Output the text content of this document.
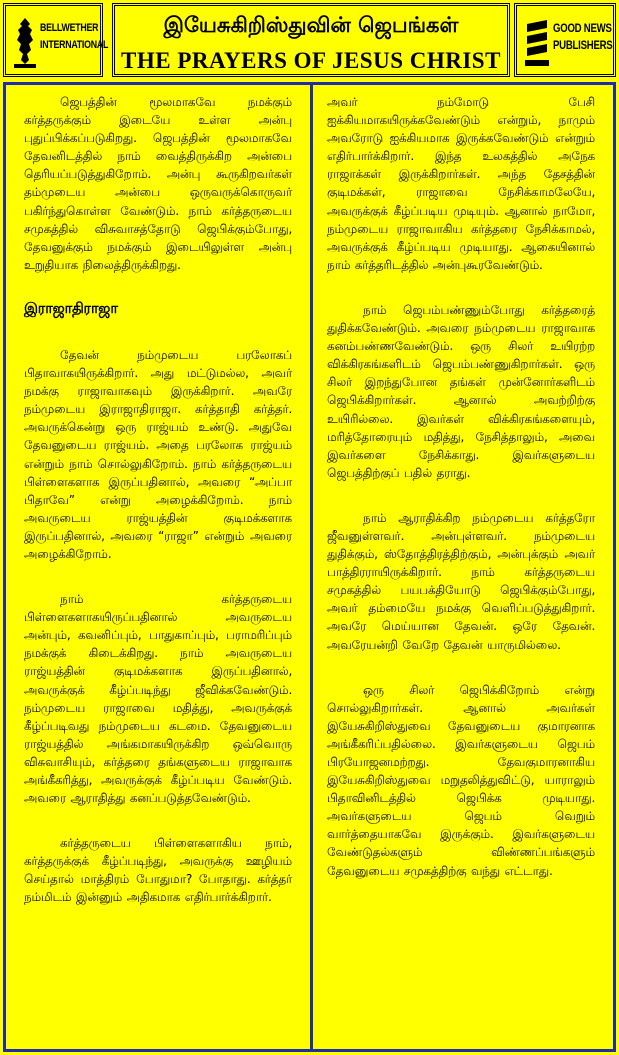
BELLWETHER
INTERNATIONAL
இயேசுகிறிஸ்துவின் ஜெபங்கள்
THE PRAYERS OF JESUS CHRIST
GOOD NEWS
PUBLISHERS

ஜெபத்தின் மூலமாகவே நமக்கும் கர்த்தருக்கும் இடையே உள்ள அன்பு புதுப்பிக்கப்படுகிறது. ஜெபத்தின் மூலமாகவே தேவனிடத்தில் நாம் வைத்திருக்கிற அன்பை தெரியப்படுத்துகிறோம். அன்பு கூருகிறவர்கள் தம்முடைய அன்பை ஒருவருக்கொருவர் பகிர்ந்துகொள்ள வேண்டும். நாம் கர்த்தருடைய சமுகத்தில் விசுவாசத்தோடு ஜெபிக்கும்போது, தேவனுக்கும் நமக்கும் இடையிலுள்ள அன்பு உறுதியாக நிலைத்திருக்கிறது.

இராஜாதிராஜா

தேவன் நம்முடைய பரலோகப் பிதாவாகயிருக்கிறார். அது மட்டுமல்ல, அவர் நமக்கு ராஜாவாகவும் இருக்கிறார். அவரே நம்முடைய இராஜாதிராஜா. கர்த்தாதி கர்த்தர். அவருக்கென்று ஒரு ராஜ்யம் உண்டு. அதுவே தேவனுடைய ராஜ்யம். அதை பரலோக ராஜ்யம் என்றும் நாம் சொல்லுகிறோம். நாம் கர்த்தருடைய பிள்ளைகளாக இருப்பதினால், அவரை “அப்பா பிதாவே” என்று அழைக்கிறோம். நாம் அவருடைய ராஜ்யத்தின் குடிமக்களாக இருப்பதினால், அவரை “ராஜா” என்றும் அவரை அழைக்கிறோம்.

நாம் கர்த்தருடைய பிள்ளைகளாகயிருப்பதினால் அவருடைய அன்பும், கவனிப்பும், பாதுகாப்பும், பராமரிப்பும் நமக்குக் கிடைக்கிறது. நாம் அவருடைய ராஜ்யத்தின் குடிமக்களாக இருப்பதினால், அவருக்குக் கீழ்ப்படிந்து ஜீவிக்கவேண்டும். நம்முடைய ராஜாவை மதித்து, அவருக்குக் கீழ்ப்படிவது நம்முடைய கடமை. தேவனுடைய ராஜ்யத்தில் அங்கமாகயிருக்கிற ஒவ்வொரு விசுவாசியும், கர்த்தரை தங்களுடைய ராஜாவாக அங்கீகரித்து, அவருக்குக் கீழ்ப்படிய வேண்டும். அவரை ஆராதித்து கனப்படுத்தவேண்டும்.

கர்த்தருடைய பிள்ளைகளாகிய நாம், கர்த்தருக்குக் கீழ்ப்படிந்து, அவருக்கு ஊழியம் செய்தால் மாத்திரம் போதுமா? போதாது. கர்த்தர் நம்மிடம் இன்னும் அதிகமாக எதிர்பார்க்கிறார்.

அவர் நம்மோடு பேசி ஐக்கியமாகயிருக்கவேண்டும் என்றும், நாமும் அவரோடு ஐக்கியமாக இருக்கவேண்டும் என்றும் எதிர்பார்க்கிறார். இந்த உலகத்தில் அநேக ராஜாக்கள் இருக்கிறார்கள். அந்த தேசத்தின் குடிமக்கள், ராஜாவை நேசிக்காமலேயே, அவருக்குக் கீழ்ப்படிய முடியும். ஆனால் நாமோ, நம்முடைய ராஜாவாகிய கர்த்தரை நேசிக்காமல், அவருக்குக் கீழ்ப்படிய முடியாது. ஆகையினால் நாம் கர்த்தரிடத்தில் அன்புகூரவேண்டும்.

நாம் ஜெபம்பண்ணும்போது கர்த்தரைத் துதிக்கவேண்டும். அவரை நம்முடைய ராஜாவாக கனம்பண்ணவேண்டும். ஒரு சிலர் உயிரற்ற விக்கிரகங்களிடம் ஜெபம்பண்ணுகிறார்கள். ஒரு சிலர் இறந்துபோன தங்கள் முன்னோர்களிடம் ஜெபிக்கிறார்கள். ஆனால் அவற்றிற்கு உயிரில்லை. இவர்கள் விக்கிரகங்களையும், மரித்தோரையும் மதித்து, நேசித்தாலும், அவை இவர்களை நேசிக்காது. இவர்களுடைய ஜெபத்திற்குப் பதில் தராது.

நாம் ஆராதிக்கிற நம்முடைய கர்த்தரோ ஜீவனுள்ளவர். அன்புள்ளவர். நம்முடைய துதிக்கும், ஸ்தோத்திரத்திற்கும், அன்புக்கும் அவர் பாத்திரராயிருக்கிறார். நாம் கர்த்தருடைய சமுகத்தில் பயபக்தியோடு ஜெபிக்கும்போது, அவர் தம்மையே நமக்கு வெளிப்படுத்துகிறார். அவரே மெய்யான தேவன். ஒரே தேவன். அவரேயன்றி வேறே தேவன் யாருமில்லை.

ஒரு சிலர் ஜெபிக்கிறோம் என்று சொல்லுகிறார்கள். ஆனால் அவர்கள் இயேசுகிறிஸ்துவை தேவனுடைய குமாரனாக அங்கீகரிப்பதில்லை. இவர்களுடைய ஜெபம் பிரயோஜனமற்றது. தேவகுமாரனாகிய இயேசுகிறிஸ்துவை மறுதலித்துவிட்டு, யாராலும் பிதாவினிடத்தில் ஜெபிக்க முடியாது. அவர்களுடைய ஜெபம் வெறும் வார்த்தையாகவே இருக்கும். இவர்களுடைய வேண்டுதல்களும் விண்ணப்பங்களும் தேவனுடைய சமுகத்திற்கு வந்து எட்டாது.
